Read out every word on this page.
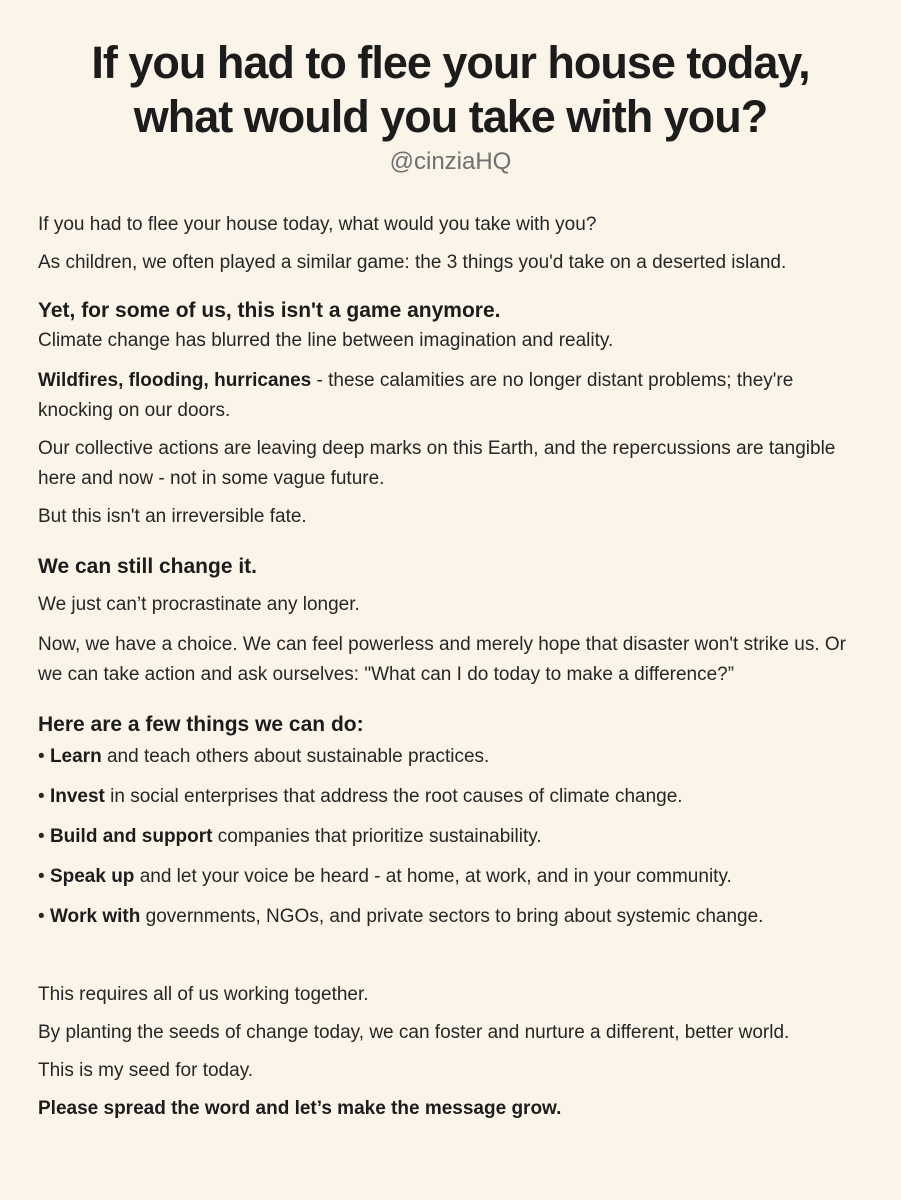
If you had to flee your house today,
what would you take with you?
@cinziaHQ

If you had to flee your house today, what would you take with you?

As children, we often played a similar game: the 3 things you'd take on a deserted island.

Yet, for some of us, this isn't a game anymore.

Climate change has blurred the line between imagination and reality.

Wildfires, flooding, hurricanes - these calamities are no longer distant problems; they're knocking on our doors.

Our collective actions are leaving deep marks on this Earth, and the repercussions are tangible here and now - not in some vague future.

But this isn't an irreversible fate.

We can still change it.

We just can’t procrastinate any longer.

Now, we have a choice. We can feel powerless and merely hope that disaster won't strike us. Or we can take action and ask ourselves: "What can I do today to make a difference?”

Here are a few things we can do:

• Learn and teach others about sustainable practices.

• Invest in social enterprises that address the root causes of climate change.

• Build and support companies that prioritize sustainability.

• Speak up and let your voice be heard - at home, at work, and in your community.

• Work with governments, NGOs, and private sectors to bring about systemic change.

This requires all of us working together.

By planting the seeds of change today, we can foster and nurture a different, better world.

This is my seed for today.

Please spread the word and let’s make the message grow.
